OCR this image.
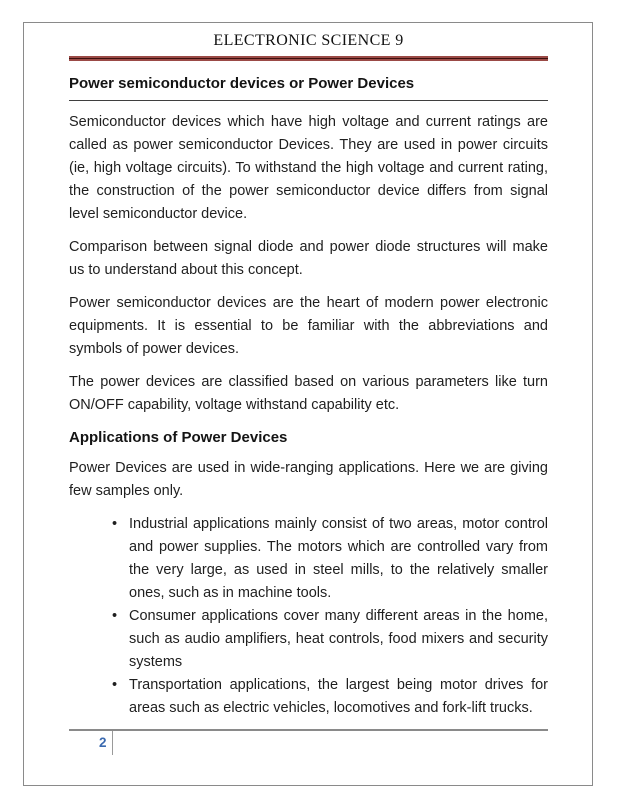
ELECTRONIC SCIENCE 9
Power semiconductor devices or Power Devices

Semiconductor devices which have high voltage and current ratings are called as power semiconductor Devices. They are used in power circuits (ie, high voltage circuits). To withstand the high voltage and current rating, the construction of the power semiconductor device differs from signal level semiconductor device.

Comparison between signal diode and power diode structures will make us to understand about this concept.

Power semiconductor devices are the heart of modern power electronic equipments. It is essential to be familiar with the abbreviations and symbols of power devices.

The power devices are classified based on various parameters like turn ON/OFF capability, voltage withstand capability etc.

Applications of Power Devices

Power Devices are used in wide-ranging applications. Here we are giving few samples only.

• Industrial applications mainly consist of two areas, motor control and power supplies. The motors which are controlled vary from the very large, as used in steel mills, to the relatively smaller ones, such as in machine tools.
• Consumer applications cover many different areas in the home, such as audio amplifiers, heat controls, food mixers and security systems
• Transportation applications, the largest being motor drives for areas such as electric vehicles, locomotives and fork-lift trucks.
2
